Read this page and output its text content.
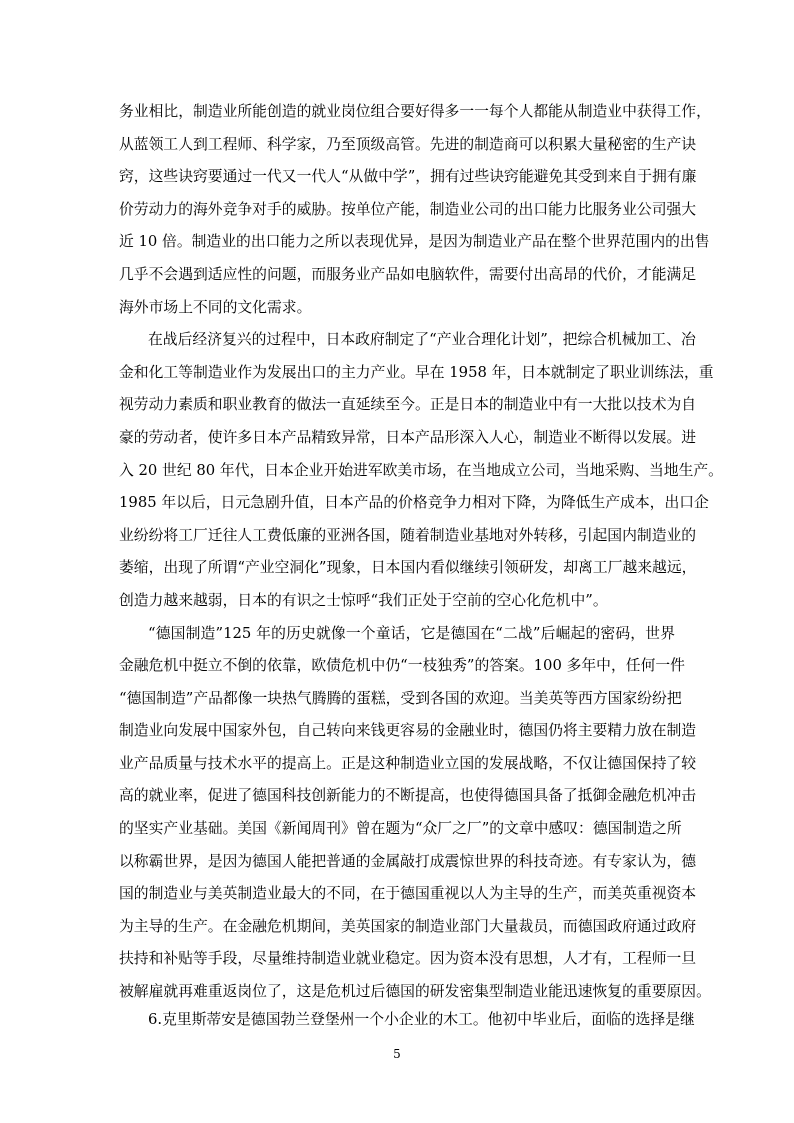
务业相比，制造业所能创造的就业岗位组合要好得多一一每个人都能从制造业中获得工作，
从蓝领工人到工程师、科学家，乃至顶级高管。先进的制造商可以积累大量秘密的生产诀
窍，这些诀窍要通过一代又一代人“从做中学”，拥有过些诀窍能避免其受到来自于拥有廉
价劳动力的海外竞争对手的威胁。按单位产能，制造业公司的出口能力比服务业公司强大
近 10 倍。制造业的出口能力之所以表现优异，是因为制造业产品在整个世界范围内的出售
几乎不会遇到适应性的问题，而服务业产品如电脑软件，需要付出高昂的代价，才能满足
海外市场上不同的文化需求。

在战后经济复兴的过程中，日本政府制定了“产业合理化计划”，把综合机械加工、冶
金和化工等制造业作为发展出口的主力产业。早在 1958 年，日本就制定了职业训练法，重
视劳动力素质和职业教育的做法一直延续至今。正是日本的制造业中有一大批以技术为自
豪的劳动者，使许多日本产品精致异常，日本产品形深入人心，制造业不断得以发展。进
入 20 世纪 80 年代，日本企业开始进军欧美市场，在当地成立公司，当地采购、当地生产。
1985 年以后，日元急剧升值，日本产品的价格竞争力相对下降，为降低生产成本，出口企
业纷纷将工厂迁往人工费低廉的亚洲各国，随着制造业基地对外转移，引起国内制造业的
萎缩，出现了所谓“产业空洞化”现象，日本国内看似继续引领研发，却离工厂越来越远，
创造力越来越弱，日本的有识之士惊呼“我们正处于空前的空心化危机中”。

“德国制造”125 年的历史就像一个童话，它是德国在“二战”后崛起的密码，世界
金融危机中挺立不倒的依靠，欧债危机中仍“一枝独秀”的答案。100 多年中，任何一件
“德国制造”产品都像一块热气腾腾的蛋糕，受到各国的欢迎。当美英等西方国家纷纷把
制造业向发展中国家外包，自己转向来钱更容易的金融业时，德国仍将主要精力放在制造
业产品质量与技术水平的提高上。正是这种制造业立国的发展战略，不仅让德国保持了较
高的就业率，促进了德国科技创新能力的不断提高，也使得德国具备了抵御金融危机冲击
的坚实产业基础。美国《新闻周刊》曾在题为“众厂之厂”的文章中感叹：德国制造之所
以称霸世界，是因为德国人能把普通的金属敲打成震惊世界的科技奇迹。有专家认为，德
国的制造业与美英制造业最大的不同，在于德国重视以人为主导的生产，而美英重视资本
为主导的生产。在金融危机期间，美英国家的制造业部门大量裁员，而德国政府通过政府
扶持和补贴等手段，尽量维持制造业就业稳定。因为资本没有思想，人才有，工程师一旦
被解雇就再难重返岗位了，这是危机过后德国的研发密集型制造业能迅速恢复的重要原因。

6.克里斯蒂安是德国勃兰登堡州一个小企业的木工。他初中毕业后，面临的选择是继
5
